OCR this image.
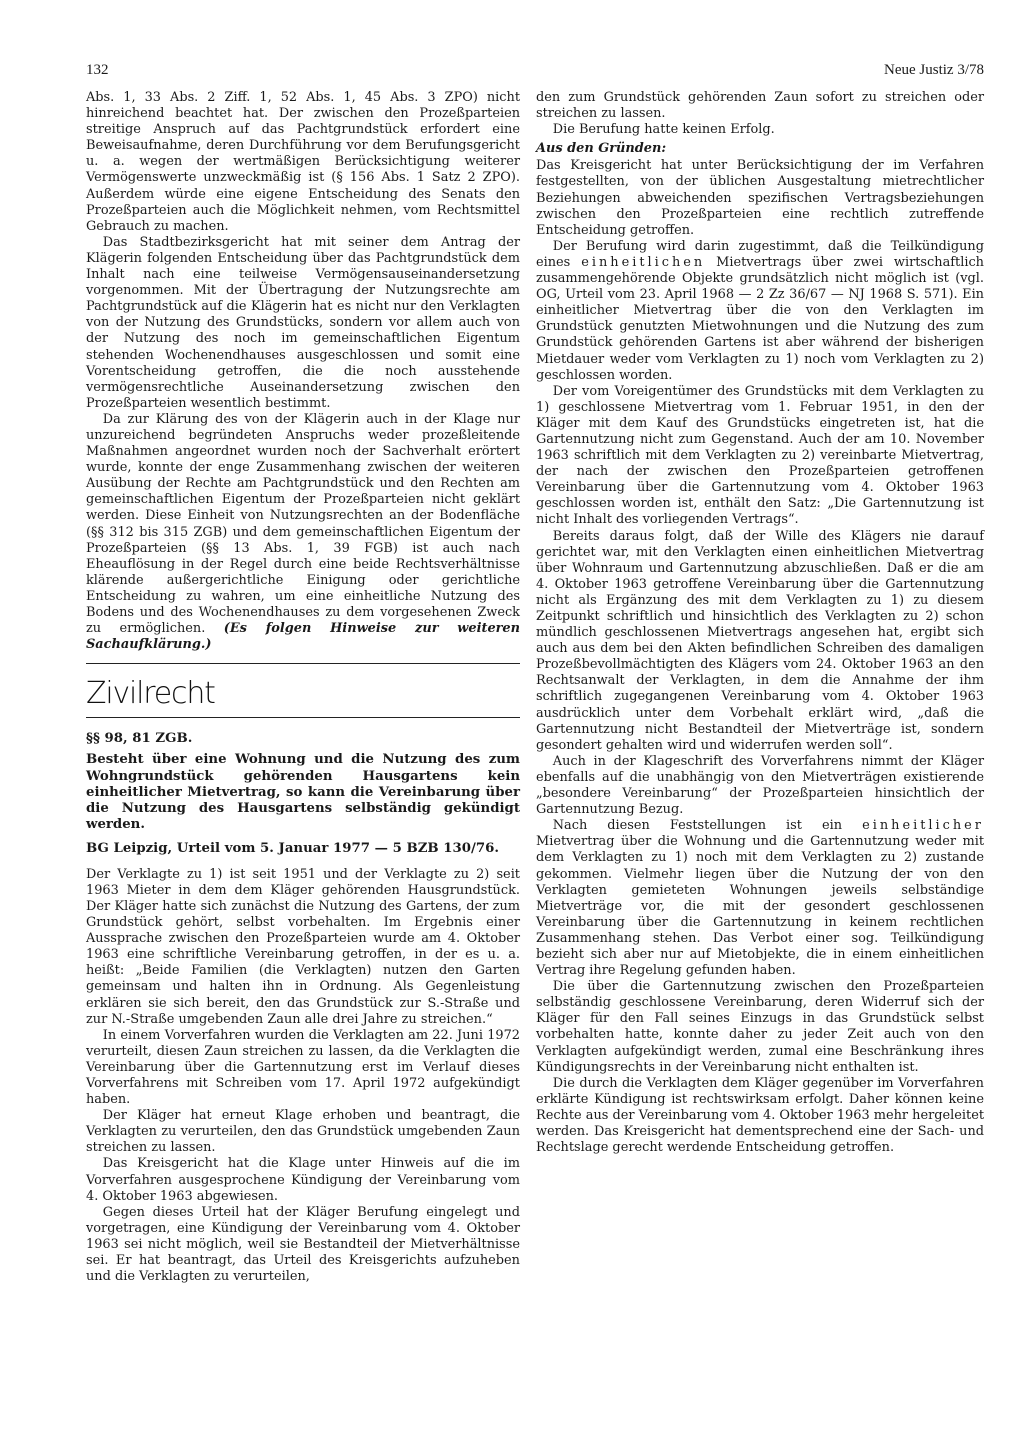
132	Neue Justiz 3/78

Abs. 1, 33 Abs. 2 Ziff. 1, 52 Abs. 1, 45 Abs. 3 ZPO) nicht hinreichend beachtet hat. Der zwischen den Prozeßparteien streitige Anspruch auf das Pachtgrundstück erfordert eine Beweisaufnahme, deren Durchführung vor dem Berufungsgericht u. a. wegen der wertmäßigen Berücksichtigung weiterer Vermögenswerte unzweckmäßig ist (§ 156 Abs. 1 Satz 2 ZPO). Außerdem würde eine eigene Entscheidung des Senats den Prozeßparteien auch die Möglichkeit nehmen, vom Rechtsmittel Gebrauch zu machen.

Das Stadtbezirksgericht hat mit seiner dem Antrag der Klägerin folgenden Entscheidung über das Pachtgrundstück dem Inhalt nach eine teilweise Vermögensauseinandersetzung vorgenommen. Mit der Übertragung der Nutzungsrechte am Pachtgrundstück auf die Klägerin hat es nicht nur den Verklagten von der Nutzung des Grundstücks, sondern vor allem auch von der Nutzung des noch im gemeinschaftlichen Eigentum stehenden Wochenendhauses ausgeschlossen und somit eine Vorentscheidung getroffen, die die noch ausstehende vermögensrechtliche Auseinandersetzung zwischen den Prozeßparteien wesentlich bestimmt.

Da zur Klärung des von der Klägerin auch in der Klage nur unzureichend begründeten Anspruchs weder prozeßleitende Maßnahmen angeordnet wurden noch der Sachverhalt erörtert wurde, konnte der enge Zusammenhang zwischen der weiteren Ausübung der Rechte am Pachtgrundstück und den Rechten am gemeinschaftlichen Eigentum der Prozeßparteien nicht geklärt werden. Diese Einheit von Nutzungsrechten an der Bodenfläche (§§ 312 bis 315 ZGB) und dem gemeinschaftlichen Eigentum der Prozeßparteien (§§ 13 Abs. 1, 39 FGB) ist auch nach Eheauflösung in der Regel durch eine beide Rechtsverhältnisse klärende außergerichtliche Einigung oder gerichtliche Entscheidung zu wahren, um eine einheitliche Nutzung des Bodens und des Wochenendhauses zu dem vorgesehenen Zweck zu ermöglichen. (Es folgen Hinweise zur weiteren Sachaufklärung.)

Zivilrecht
§§ 98, 81 ZGB.

Besteht über eine Wohnung und die Nutzung des zum Wohngrundstück gehörenden Hausgartens kein einheitlicher Mietvertrag, so kann die Vereinbarung über die Nutzung des Hausgartens selbständig gekündigt werden.

BG Leipzig, Urteil vom 5. Januar 1977 — 5 BZB 130/76.

Der Verklagte zu 1) ist seit 1951 und der Verklagte zu 2) seit 1963 Mieter in dem dem Kläger gehörenden Hausgrundstück. Der Kläger hatte sich zunächst die Nutzung des Gartens, der zum Grundstück gehört, selbst vorbehalten. Im Ergebnis einer Aussprache zwischen den Prozeßparteien wurde am 4. Oktober 1963 eine schriftliche Vereinbarung getroffen, in der es u. a. heißt: „Beide Familien (die Verklagten) nutzen den Garten gemeinsam und halten ihn in Ordnung. Als Gegenleistung erklären sie sich bereit, den das Grundstück zur S.-Straße und zur N.-Straße umgebenden Zaun alle drei Jahre zu streichen.“

In einem Vorverfahren wurden die Verklagten am 22. Juni 1972 verurteilt, diesen Zaun streichen zu lassen, da die Verklagten die Vereinbarung über die Gartennutzung erst im Verlauf dieses Vorverfahrens mit Schreiben vom 17. April 1972 aufgekündigt haben.

Der Kläger hat erneut Klage erhoben und beantragt, die Verklagten zu verurteilen, den das Grundstück umgebenden Zaun streichen zu lassen.

Das Kreisgericht hat die Klage unter Hinweis auf die im Vorverfahren ausgesprochene Kündigung der Vereinbarung vom 4. Oktober 1963 abgewiesen.

Gegen dieses Urteil hat der Kläger Berufung eingelegt und vorgetragen, eine Kündigung der Vereinbarung vom 4. Oktober 1963 sei nicht möglich, weil sie Bestandteil der Mietverhältnisse sei. Er hat beantragt, das Urteil des Kreisgerichts aufzuheben und die Verklagten zu verurteilen,

den zum Grundstück gehörenden Zaun sofort zu streichen oder streichen zu lassen.

Die Berufung hatte keinen Erfolg.

Aus den Gründen:

Das Kreisgericht hat unter Berücksichtigung der im Verfahren festgestellten, von der üblichen Ausgestaltung mietrechtlicher Beziehungen abweichenden spezifischen Vertragsbeziehungen zwischen den Prozeßparteien eine rechtlich zutreffende Entscheidung getroffen.

Der Berufung wird darin zugestimmt, daß die Teilkündigung eines einheitlichen Mietvertrags über zwei wirtschaftlich zusammengehörende Objekte grundsätzlich nicht möglich ist (vgl. OG, Urteil vom 23. April 1968 — 2 Zz 36/67 — NJ 1968 S. 571). Ein einheitlicher Mietvertrag über die von den Verklagten im Grundstück genutzten Mietwohnungen und die Nutzung des zum Grundstück gehörenden Gartens ist aber während der bisherigen Mietdauer weder vom Verklagten zu 1) noch vom Verklagten zu 2) geschlossen worden.

Der vom Voreigentümer des Grundstücks mit dem Verklagten zu 1) geschlossene Mietvertrag vom 1. Februar 1951, in den der Kläger mit dem Kauf des Grundstücks eingetreten ist, hat die Gartennutzung nicht zum Gegenstand. Auch der am 10. November 1963 schriftlich mit dem Verklagten zu 2) vereinbarte Mietvertrag, der nach der zwischen den Prozeßparteien getroffenen Vereinbarung über die Gartennutzung vom 4. Oktober 1963 geschlossen worden ist, enthält den Satz: „Die Gartennutzung ist nicht Inhalt des vorliegenden Vertrags“.

Bereits daraus folgt, daß der Wille des Klägers nie darauf gerichtet war, mit den Verklagten einen einheitlichen Mietvertrag über Wohnraum und Gartennutzung abzuschließen. Daß er die am 4. Oktober 1963 getroffene Vereinbarung über die Gartennutzung nicht als Ergänzung des mit dem Verklagten zu 1) zu diesem Zeitpunkt schriftlich und hinsichtlich des Verklagten zu 2) schon mündlich geschlossenen Mietvertrags angesehen hat, ergibt sich auch aus dem bei den Akten befindlichen Schreiben des damaligen Prozeßbevollmächtigten des Klägers vom 24. Oktober 1963 an den Rechtsanwalt der Verklagten, in dem die Annahme der ihm schriftlich zugegangenen Vereinbarung vom 4. Oktober 1963 ausdrücklich unter dem Vorbehalt erklärt wird, „daß die Gartennutzung nicht Bestandteil der Mietverträge ist, sondern gesondert gehalten wird und widerrufen werden soll“.

Auch in der Klageschrift des Vorverfahrens nimmt der Kläger ebenfalls auf die unabhängig von den Mietverträgen existierende „besondere Vereinbarung“ der Prozeßparteien hinsichtlich der Gartennutzung Bezug.

Nach diesen Feststellungen ist ein einheitlicher Mietvertrag über die Wohnung und die Gartennutzung weder mit dem Verklagten zu 1) noch mit dem Verklagten zu 2) zustande gekommen. Vielmehr liegen über die Nutzung der von den Verklagten gemieteten Wohnungen jeweils selbständige Mietverträge vor, die mit der gesondert geschlossenen Vereinbarung über die Gartennutzung in keinem rechtlichen Zusammenhang stehen. Das Verbot einer sog. Teilkündigung bezieht sich aber nur auf Mietobjekte, die in einem einheitlichen Vertrag ihre Regelung gefunden haben.

Die über die Gartennutzung zwischen den Prozeßparteien selbständig geschlossene Vereinbarung, deren Widerruf sich der Kläger für den Fall seines Einzugs in das Grundstück selbst vorbehalten hatte, konnte daher zu jeder Zeit auch von den Verklagten aufgekündigt werden, zumal eine Beschränkung ihres Kündigungsrechts in der Vereinbarung nicht enthalten ist.

Die durch die Verklagten dem Kläger gegenüber im Vorverfahren erklärte Kündigung ist rechtswirksam erfolgt. Daher können keine Rechte aus der Vereinbarung vom 4. Oktober 1963 mehr hergeleitet werden. Das Kreisgericht hat dementsprechend eine der Sach- und Rechtslage gerecht werdende Entscheidung getroffen.
